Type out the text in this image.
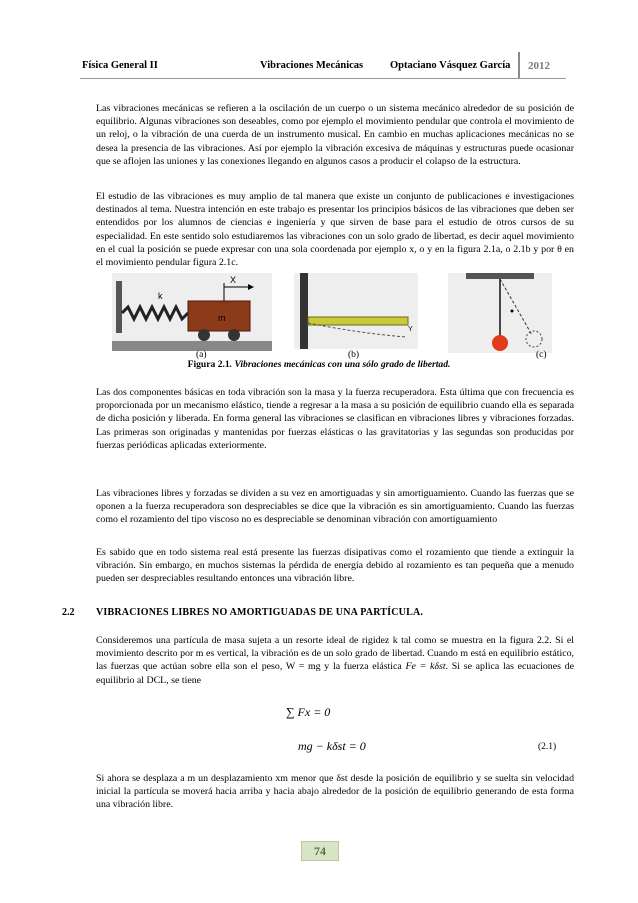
Física General II	Vibraciones Mecánicas	Optaciano Vásquez García 2012
Las vibraciones mecánicas se refieren a la oscilación de un cuerpo o un sistema mecánico alrededor de su posición de equilibrio. Algunas vibraciones son deseables, como por ejemplo el movimiento pendular que controla el movimiento de un reloj, o la vibración de una cuerda de un instrumento musical. En cambio en muchas aplicaciones mecánicas no se desea la presencia de las vibraciones. Así por ejemplo la vibración excesiva de máquinas y estructuras puede ocasionar que se aflojen las uniones y las conexiones llegando en algunos casos a producir el colapso de la estructura.
El estudio de las vibraciones es muy amplio de tal manera que existe un conjunto de publicaciones e investigaciones destinados al tema. Nuestra intención en este trabajo es presentar los principios básicos de las vibraciones que deben ser entendidos por los alumnos de ciencias e ingeniería y que sirven de base para el estudio de otros cursos de su especialidad. En este sentido solo estudiaremos las vibraciones con un solo grado de libertad, es decir aquel movimiento en el cual la posición se puede expresar con una sola coordenada por ejemplo x, o y en la figura 2.1a, o 2.1b y por θ en el movimiento pendular figura 2.1c.
k
X
m
Y
(a)	(b)	(c)
Figura 2.1. Vibraciones mecánicas con una sólo grado de libertad.
Las dos componentes básicas en toda vibración son la masa y la fuerza recuperadora. Esta última que con frecuencia es proporcionada por un mecanismo elástico, tiende a regresar a la masa a su posición de equilibrio cuando ella es separada de dicha posición y liberada. En forma general las vibraciones se clasifican en vibraciones libres y vibraciones forzadas. Las primeras son originadas y mantenidas por fuerzas elásticas o las gravitatorias y las segundas son producidas por fuerzas periódicas aplicadas exteriormente.
Las vibraciones libres y forzadas se dividen a su vez en amortiguadas y sin amortiguamiento. Cuando las fuerzas que se oponen a la fuerza recuperadora son despreciables se dice que la vibración es sin amortiguamiento. Cuando las fuerzas como el rozamiento del tipo viscoso no es despreciable se denominan vibración con amortiguamiento
Es sabido que en todo sistema real está presente las fuerzas disipativas como el rozamiento que tiende a extinguir la vibración. Sin embargo, en muchos sistemas la pérdida de energía debido al rozamiento es tan pequeña que a menudo pueden ser despreciables resultando entonces una vibración libre.
2.2 VIBRACIONES LIBRES NO AMORTIGUADAS DE UNA PARTÍCULA.
Consideremos una partícula de masa sujeta a un resorte ideal de rigidez k tal como se muestra en la figura 2.2. Si el movimiento descrito por m es vertical, la vibración es de un solo grado de libertad. Cuando m está en equilibrio estático, las fuerzas que actúan sobre ella son el peso, W = mg y la fuerza elástica Fe = kδst. Si se aplica las ecuaciones de equilibrio al DCL, se tiene
∑ Fx = 0
mg − kδst = 0	(2.1)
Si ahora se desplaza a m un desplazamiento xm menor que δst desde la posición de equilibrio y se suelta sin velocidad inicial la partícula se moverá hacia arriba y hacia abajo alrededor de la posición de equilibrio generando de esta forma una vibración libre.
74
